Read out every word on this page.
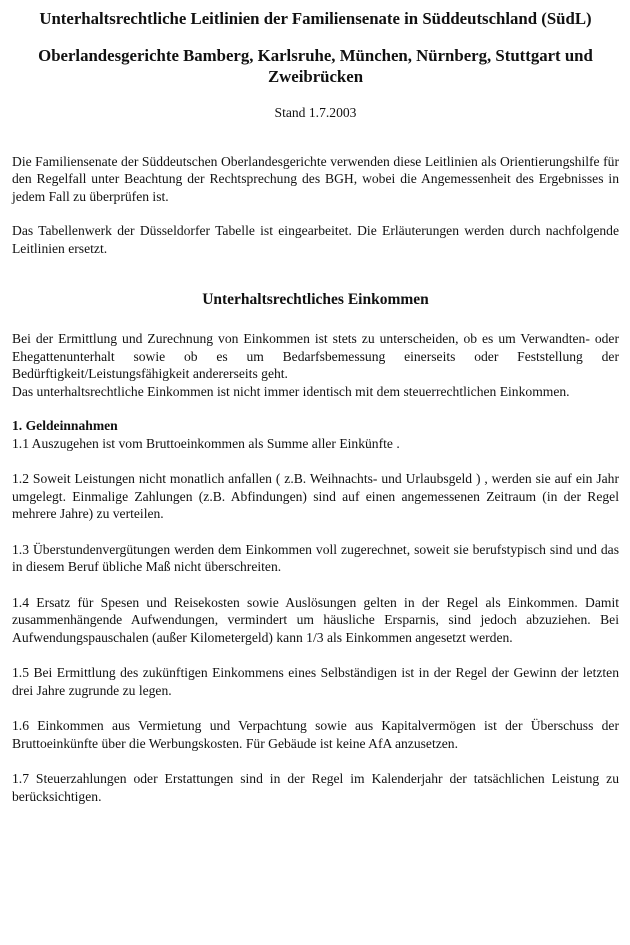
Unterhaltsrechtliche Leitlinien der Familiensenate in Süddeutschland (SüdL)
Oberlandesgerichte Bamberg, Karlsruhe, München, Nürnberg, Stuttgart und Zweibrücken
Stand 1.7.2003

Die Familiensenate der Süddeutschen Oberlandesgerichte verwenden diese Leitlinien als Orientierungshilfe für den Regelfall unter Beachtung der Rechtsprechung des BGH, wobei die Angemessenheit des Ergebnisses in jedem Fall zu überprüfen ist.

Das Tabellenwerk der Düsseldorfer Tabelle ist eingearbeitet. Die Erläuterungen werden durch nachfolgende Leitlinien ersetzt.

Unterhaltsrechtliches Einkommen

Bei der Ermittlung und Zurechnung von Einkommen ist stets zu unterscheiden, ob es um Verwandten- oder Ehegattenunterhalt sowie ob es um Bedarfsbemessung einerseits oder Feststellung der Bedürftigkeit/Leistungsfähigkeit andererseits geht.

Das unterhaltsrechtliche Einkommen ist nicht immer identisch mit dem steuerrechtlichen Einkommen.

1. Geldeinnahmen

1.1 Auszugehen ist vom Bruttoeinkommen als Summe aller Einkünfte .

1.2 Soweit Leistungen nicht monatlich anfallen ( z.B. Weihnachts- und Urlaubsgeld ) , werden sie auf ein Jahr umgelegt. Einmalige Zahlungen (z.B. Abfindungen) sind auf einen angemessenen Zeitraum (in der Regel mehrere Jahre) zu verteilen.

1.3 Überstundenvergütungen werden dem Einkommen voll zugerechnet, soweit sie berufstypisch sind und das in diesem Beruf übliche Maß nicht überschreiten.

1.4 Ersatz für Spesen und Reisekosten sowie Auslösungen gelten in der Regel als Einkommen. Damit zusammenhängende Aufwendungen, vermindert um häusliche Ersparnis, sind jedoch abzuziehen. Bei Aufwendungspauschalen (außer Kilometergeld) kann 1/3 als Einkommen angesetzt werden.

1.5 Bei Ermittlung des zukünftigen Einkommens eines Selbständigen ist in der Regel der Gewinn der letzten drei Jahre zugrunde zu legen.

1.6 Einkommen aus Vermietung und Verpachtung sowie aus Kapitalvermögen ist der Überschuss der Bruttoeinkünfte über die Werbungskosten. Für Gebäude ist keine AfA anzusetzen.

1.7 Steuerzahlungen oder Erstattungen sind in der Regel im Kalenderjahr der tatsächlichen Leistung zu berücksichtigen.
